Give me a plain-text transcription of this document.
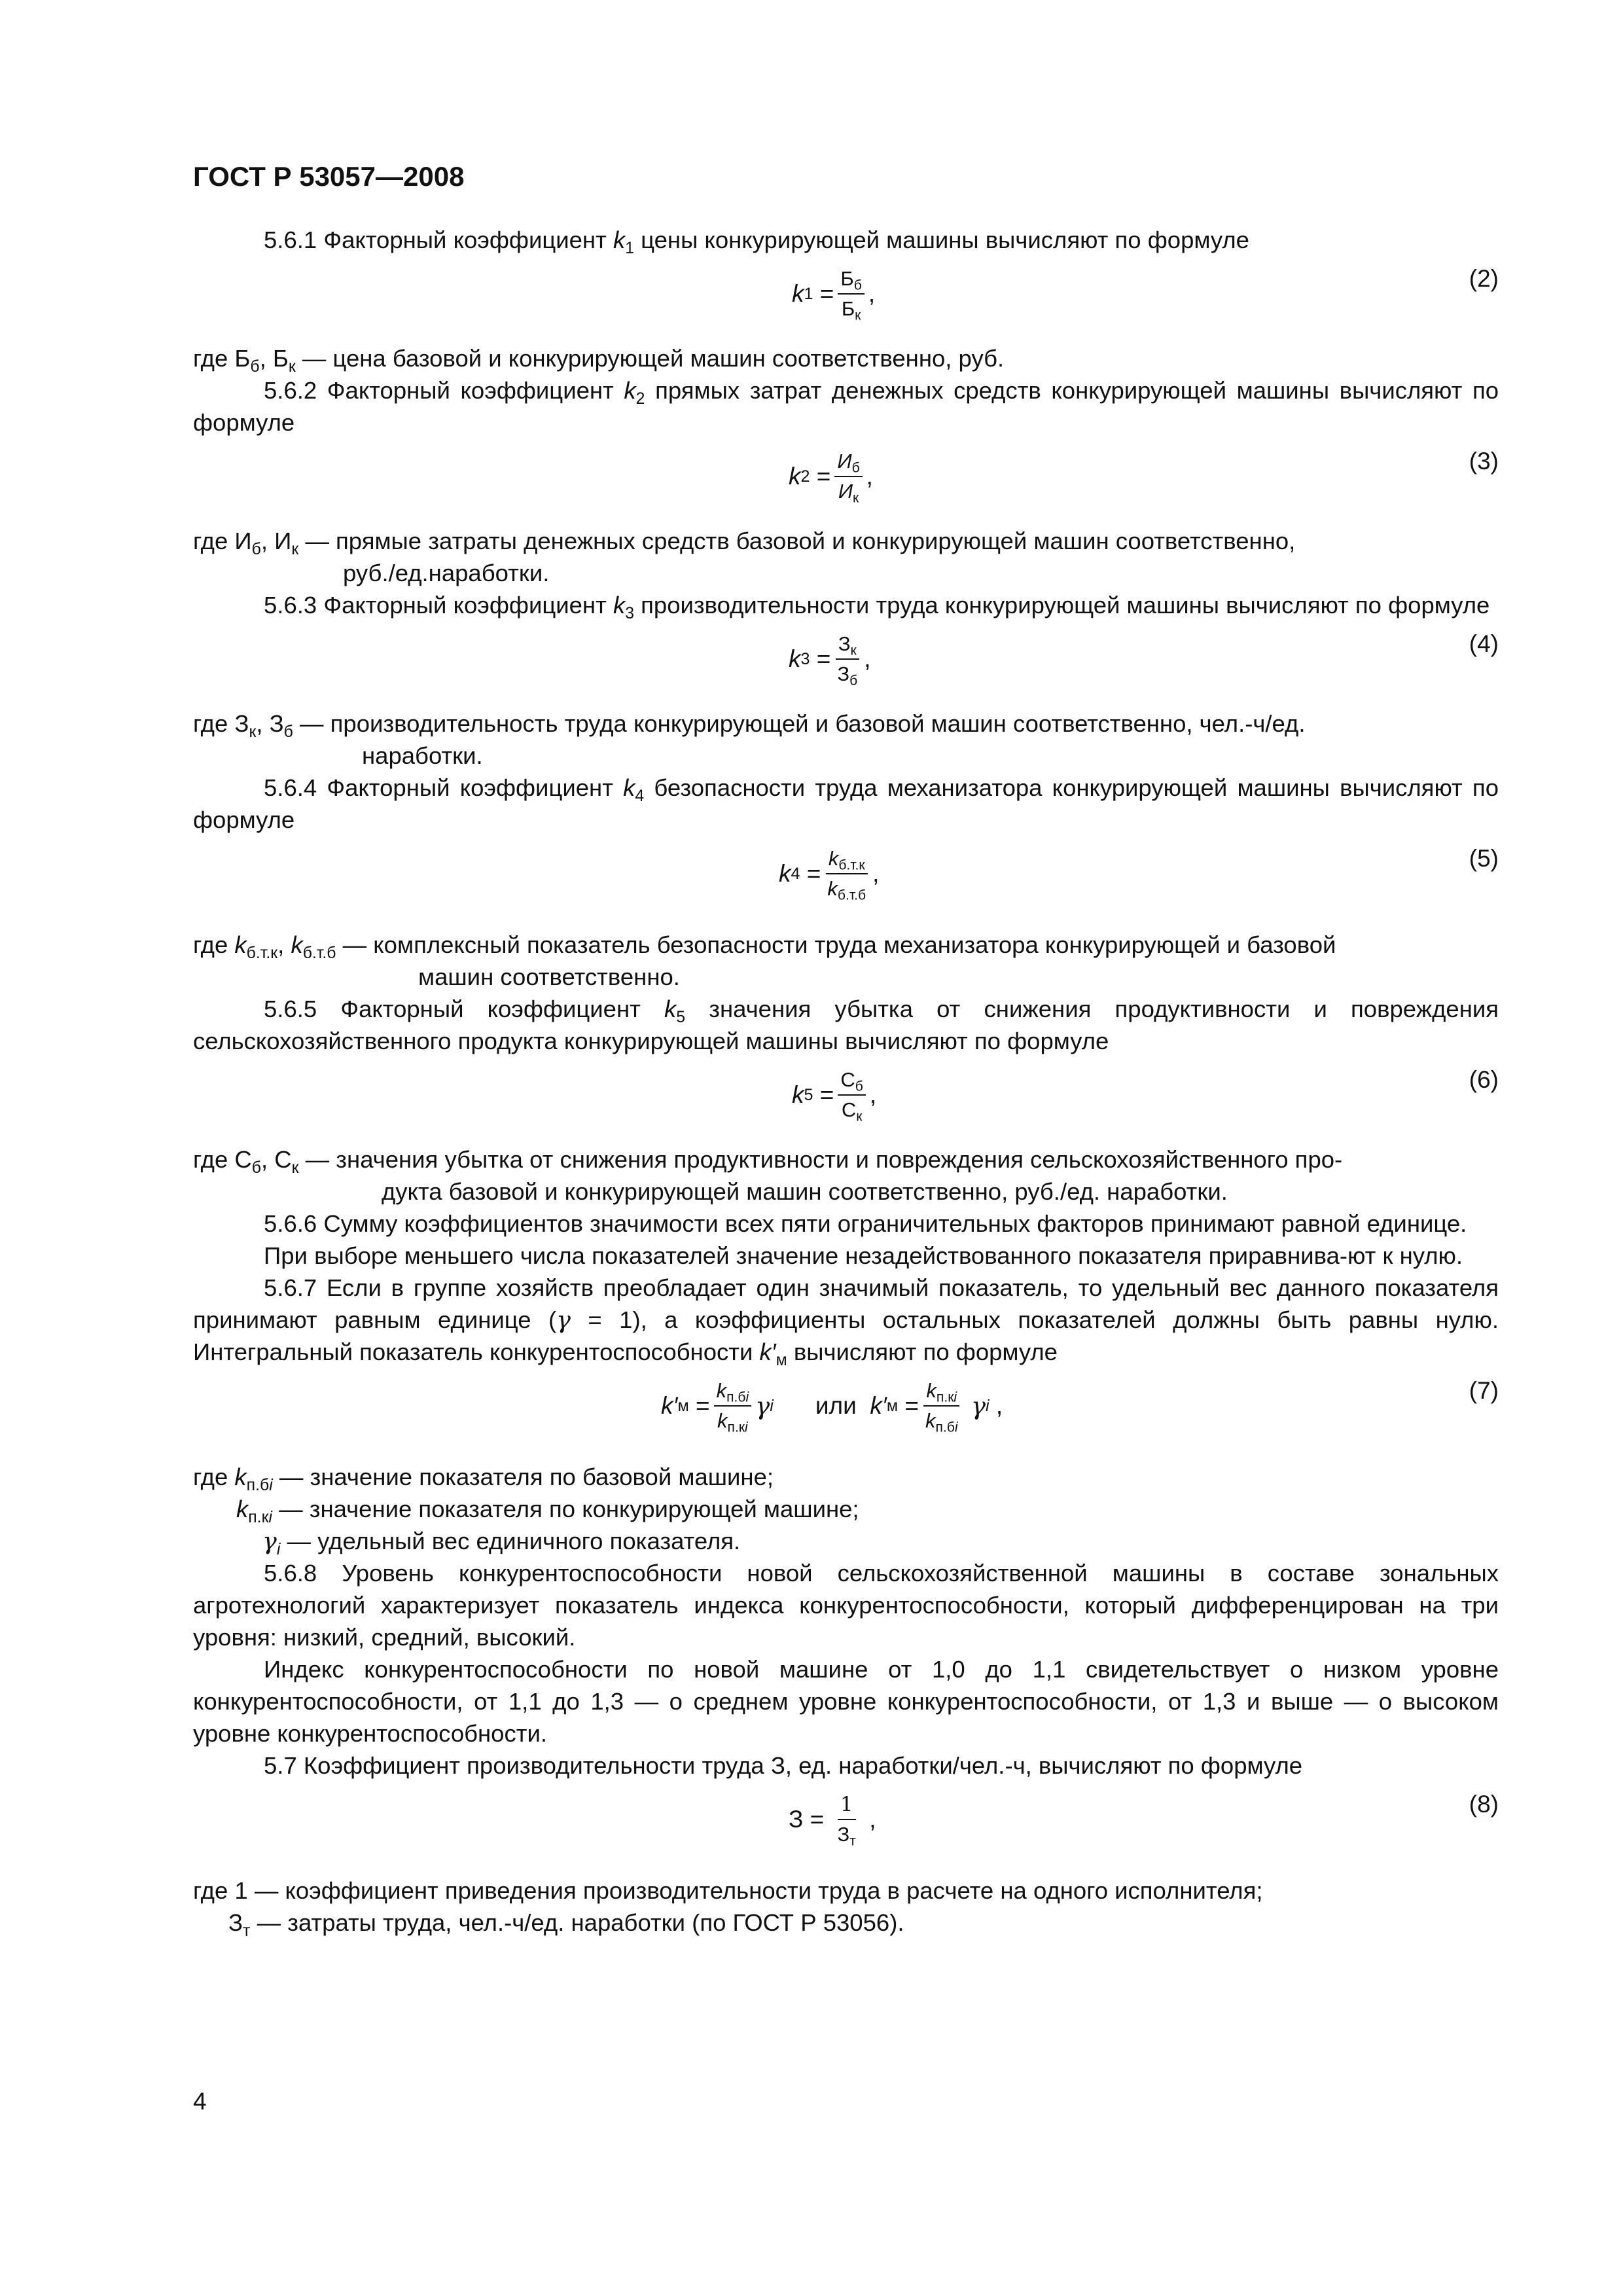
ГОСТ Р 53057—2008
5.6.1 Факторный коэффициент $k_1$ цены конкурирующей машины вычисляют по формуле
k $1 = \frac{Б_б}{Б_к}$ ,
(2)
где $Б_б$, $Б_к$ — цена базовой и конкурирующей машин соответственно, руб.
5.6.2 Факторный коэффициент $k_2$ прямых затрат денежных средств конкурирующей машины вычисляют по формуле
k $2 = \frac{И_б}{И_к}$ ,
(3)
где $И_б$, $И_к$ — прямые затраты денежных средств базовой и конкурирующей машин соответственно,
руб./ед.наработки.
5.6.3 Факторный коэффициент $k_3$ производительности труда конкурирующей машины вычисляют по формуле
k $3 = \frac{З_к}{З_б}$ ,
(4)
где $З_к$, $З_б$ — производительность труда конкурирующей и базовой машин соответственно, чел.-ч/ед.
наработки.
5.6.4 Факторный коэффициент $k_4$ безопасности труда механизатора конкурирующей машины вычисляют по формуле
k $4 = \frac{k_{б.т.к}}{k_{б.т.б}}$ ,
(5)
где $k_{б.т.к}$, $k_{б.т.б}$ — комплексный показатель безопасности труда механизатора конкурирующей и базовой
машин соответственно.
5.6.5 Факторный коэффициент $k_5$ значения убытка от снижения продуктивности и повреждения сельскохозяйственного продукта конкурирующей машины вычисляют по формуле
k $5 = \frac{С_б}{С_к}$ ,
(6)
где $С_б$, $С_к$ — значения убытка от снижения продуктивности и повреждения сельскохозяйственного про-
дукта базовой и конкурирующей машин соответственно, руб./ед. наработки.
5.6.6 Сумму коэффициентов значимости всех пяти ограничительных факторов принимают равной единице.
При выборе меньшего числа показателей значение незадействованного показателя приравнива-ют к нулю.
5.6.7 Если в группе хозяйств преобладает один значимый показатель, то удельный вес данного показателя принимают равным единице (γ = 1), а коэффициенты остальных показателей должны быть равны нулю. Интегральный показатель конкурентоспособности $k'_м$ вычисляют по формуле
k′ $м = \frac{k_{п.бi}}{k_{п.кi}}$ γ i или
k′ $м = \frac{k_{п.кi}}{k_{п.бi}}$
γ i
,
(7)
где $k_{п.бi}$ — значение показателя по базовой машине;
$k_{п.кi}$ — значение показателя по конкурирующей машине;
$\gamma_i$ — удельный вес единичного показателя.
5.6.8 Уровень конкурентоспособности новой сельскохозяйственной машины в составе зональных агротехнологий характеризует показатель индекса конкурентоспособности, который дифференцирован на три уровня: низкий, средний, высокий.
Индекс конкурентоспособности по новой машине от 1,0 до 1,1 свидетельствует о низком уровне конкурентоспособности, от 1,1 до 1,3 — о среднем уровне конкурентоспособности, от 1,3 и выше — о высоком уровне конкурентоспособности.
5.7 Коэффициент производительности труда З, ед. наработки/чел.-ч, вычисляют по формуле
$З = \frac{1}{З_т}$
,
(8)
где 1 — коэффициент приведения производительности труда в расчете на одного исполнителя;
$З_т$ — затраты труда, чел.-ч/ед. наработки (по ГОСТ Р 53056).
4
